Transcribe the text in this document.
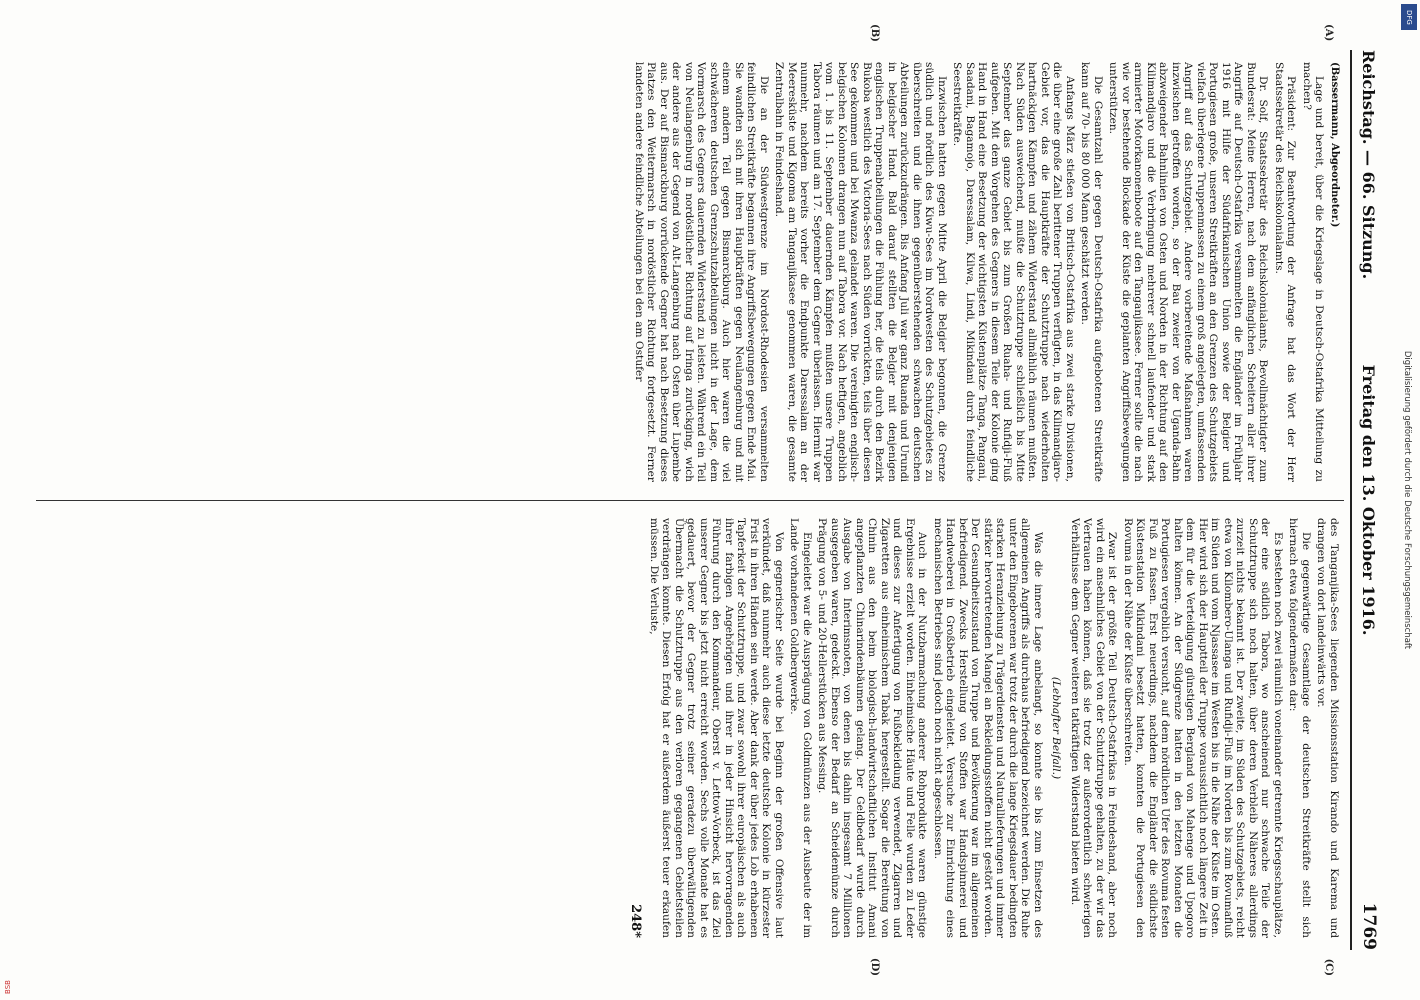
Reichstag. — 66. Sitzung.
Freitag den 13. Oktober 1916.
1769
(A)
(B)
(C)
(D)

(Bassermann, Abgeordneter.)

Lage und bereit, über die Kriegslage in Deutsch-Ostafrika Mitteilung zu machen?

Präsident: Zur Beantwortung der Anfrage hat das Wort der Herr Staatssekretär des Reichskolonialamts.

Dr. Solf, Staatssekretär des Reichskolonialamts, Bevollmächtigter zum Bundesrat: Meine Herren, nach dem anfänglichen Scheitern aller ihrer Angriffe auf Deutsch-Ostafrika versammelten die Engländer im Frühjahr 1916 mit Hilfe der Südafrikanischen Union sowie der Belgier und Portugiesen große, unseren Streitkräften an den Grenzen des Schutzgebiets vielfach überlegene Truppenmassen zu einem groß angelegten, umfassenden Angriff auf das Schutzgebiet. Andere vorbereitende Maßnahmen waren inzwischen getroffen worden, so der Bau zweier von der Uganda-Bahn abzweigender Bahnlinien von Osten und Norden in der Richtung auf den Kilimandjaro und die Verbringung mehrerer schnell laufender und stark armierter Motorkanonenboote auf den Tanganjikasee. Ferner sollte die nach wie vor bestehende Blockade der Küste die geplanten Angriffsbewegungen unterstützen.

Die Gesamtzahl der gegen Deutsch-Ostafrika aufgebotenen Streitkräfte kann auf 70- bis 80 000 Mann geschätzt werden.

Anfangs März stießen von Britisch-Ostafrika aus zwei starke Divisionen, die über eine große Zahl berittener Truppen verfügten, in das Kilimandjaro-Gebiet vor, das die Hauptkräfte der Schutztruppe nach wiederholten hartnäckigen Kämpfen und zähem Widerstand allmählich räumen mußten. Nach Süden ausweichend, mußte die Schutztruppe schließlich bis Mitte September das ganze Gebiet bis zum Großen Ruaha- und Rufidji-Fluß aufgeben. Mit dem Vorgehen des Gegners in diesem Teile der Kolonie ging Hand in Hand eine Besetzung der wichtigsten Küstenplätze Tanga, Pangani, Saadani, Bagamojo, Daressalam, Kilwa, Lindi, Mikindani durch feindliche Seestreitkräfte.

Inzwischen hatten gegen Mitte April die Belgier begonnen, die Grenze südlich und nördlich des Kiwu-Sees im Nordwesten des Schutzgebietes zu überschreiten und die ihnen gegenüberstehenden schwachen deutschen Abteilungen zurückzudrängen. Bis Anfang Juli war ganz Ruanda und Urundi in belgischer Hand. Bald darauf stellten die Belgier mit denjenigen englischen Truppenabteilungen die Fühlung her, die teils durch den Bezirk Bukoba westlich des Victoria-Sees nach Süden vorrückten, teils über diesen See gekommen und bei Mwanza gelandet waren. Die vereinigten englisch-belgischen Kolonnen drangen nun auf Tabora vor. Nach heftigen, angeblich vom 1. bis 11. September dauernden Kämpfen mußten unsere Truppen Tabora räumen und am 17. September dem Gegner überlassen. Hiermit war nunmehr, nachdem bereits vorher die Endpunkte Daressalam an der Meeresküste und Kigoma am Tanganjikasee genommen waren, die gesamte Zentralbahn in Feindeshand.

Die an der Südwestgrenze im Nordost-Rhodesien versammelten feindlichen Streitkräfte begannen ihre Angriffsbewegungen gegen Ende Mai. Sie wandten sich mit ihren Hauptkräften gegen Neulangenburg und mit einem andern Teil gegen Bismarckburg. Auch hier waren die viel schwächeren deutschen Grenzschutzabteilungen nicht in der Lage, dem Vormarsch des Gegners dauernden Widerstand zu leisten. Während ein Teil von Neulangenburg in nordöstlicher Richtung auf Iringa zurückging, wich der andere aus der Gegend von Alt-Langenburg nach Osten über Lupembe aus. Der auf Bismarckburg vorrückende Gegner hat nach Besetzung dieses Platzes den Weitermarsch in nordöstlicher Richtung fortgesetzt. Ferner landeten andere feindliche Abteilungen bei den am Ostufer

des Tanganjika-Sees liegenden Missionsstation Kirando und Karema und drangen von dort landeinwärts vor.

Die gegenwärtige Gesamtlage der deutschen Streitkräfte stellt sich hiernach etwa folgendermaßen dar:

Es bestehen noch zwei räumlich voneinander getrennte Kriegsschauplätze, der eine südlich Tabora, wo anscheinend nur schwache Teile der Schutztruppe sich noch halten, über deren Verbleib Näheres allerdings zurzeit nichts bekannt ist. Der zweite, im Süden des Schutzgebiets, reicht etwa von Kilombero-Ulanga und Rufidji-Fluß im Norden bis zum Rovumafluß im Süden und vom Njassasee im Westen bis in die Nähe der Küste im Osten. Hier wird sich der Hauptteil der Truppe voraussichtlich noch längere Zeit in dem für die Verteidigung günstigen Bergland von Mahenge und Upogoro halten können. An der Südgrenze hatten in den letzten Monaten die Portugiesen vergeblich versucht, auf dem nördlichen Ufer des Rovuma festen Fuß zu fassen. Erst neuerdings, nachdem die Engländer die südlichste Küstenstation Mikindani besetzt hatten, konnten die Portugiesen den Rovuma in der Nähe der Küste überschreiten.

Zwar ist der größte Teil Deutsch-Ostafrikas in Feindeshand, aber noch wird ein ansehnliches Gebiet von der Schutztruppe gehalten, zu der wir das Vertrauen haben können, daß sie trotz der außerordentlich schwierigen Verhältnisse dem Gegner weiteren tatkräftigen Widerstand bieten wird.

(Lebhafter Beifall.)

Was die innere Lage anbelangt, so konnte sie bis zum Einsetzen des allgemeinen Angriffs als durchaus befriedigend bezeichnet werden. Die Ruhe unter den Eingeborenen war trotz der durch die lange Kriegsdauer bedingten starken Heranziehung zu Trägerdiensten und Naturallieferungen und immer stärker hervortretenden Mangel an Bekleidungsstoffen nicht gestört worden. Der Gesundheitszustand von Truppe und Bevölkerung war im allgemeinen befriedigend. Zwecks Herstellung von Stoffen war Handspinnerei und Handweberei in Großbetrieb eingeleitet. Versuche zur Einrichtung eines mechanischen Betriebes sind jedoch noch nicht abgeschlossen.

Auch in der Nutzbarmachung anderer Rohprodukte waren günstige Ergebnisse erzielt worden. Einheimische Häute und Felle wurden zu Leder und dieses zur Anfertigung von Fußbekleidung verwendet, Zigarren und Zigaretten aus einheimischem Tabak hergestellt. Sogar die Bereitung von Chinin aus den beim biologisch-landwirtschaftlichen Institut Amani angepflanzten Chinarindenbäumen gelang. Der Geldbedarf wurde durch Ausgabe von Interimsnoten, von denen bis dahin insgesamt 7 Millionen ausgegeben waren, gedeckt. Ebenso der Bedarf an Scheidemünze durch Prägung von 5- und 20-Hellerstücken aus Messing.

Eingeleitet war die Ausprägung von Goldmünzen aus der Ausbeute der im Lande vorhandenen Goldbergwerke.

Von gegnerischer Seite wurde bei Beginn der großen Offensive laut verkündet, daß nunmehr auch diese letzte deutsche Kolonie in kürzester Frist in ihren Händen sein werde. Aber dank der über jedes Lob erhabenen Tapferkeit der Schutztruppe, und zwar sowohl ihrer europäischen als auch ihrer farbigen Angehörigen und ihrer in jeder Hinsicht hervorragenden Führung durch den Kommandeur, Oberst v. Lettow-Vorbeck, ist das Ziel unserer Gegner bis jetzt nicht erreicht worden. Sechs volle Monate hat es gedauert, bevor der Gegner trotz seiner geradezu überwältigenden Übermacht die Schutztruppe aus den verloren gegangenen Gebietsteilen verdrängen konnte. Diesen Erfolg hat er außerdem äußerst teuer erkaufen müssen. Die Verluste,

248*
DFG
Digitalisierung gefördert durch die Deutsche Forschungsgemeinschaft
BSB
